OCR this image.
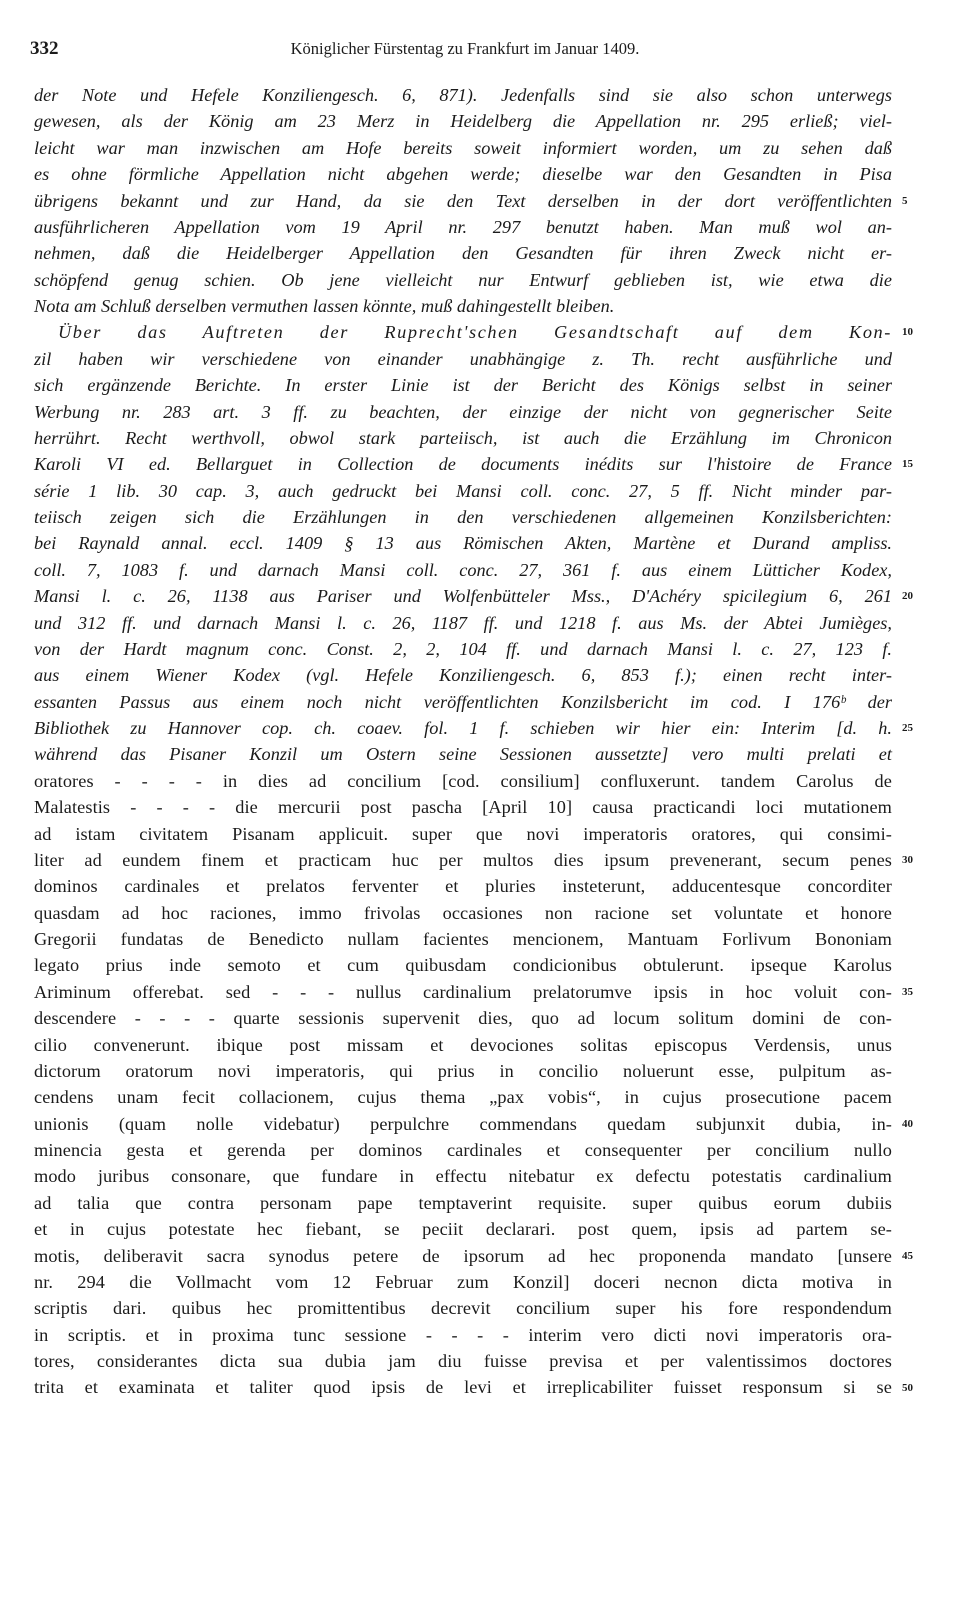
332	Königlicher Fürstentag zu Frankfurt im Januar 1409.
der Note und Hefele Konziliengesch. 6, 871). Jedenfalls sind sie also schon unterwegs
gewesen, als der König am 23 Merz in Heidelberg die Appellation nr. 295 erließ; viel-
leicht war man inzwischen am Hofe bereits soweit informiert worden, um zu sehen daß
es ohne förmliche Appellation nicht abgehen werde; dieselbe war den Gesandten in Pisa
übrigens bekannt und zur Hand, da sie den Text derselben in der dort veröffentlichten
ausführlicheren Appellation vom 19 April nr. 297 benutzt haben. Man muß wol an-
nehmen, daß die Heidelberger Appellation den Gesandten für ihren Zweck nicht er-
schöpfend genug schien. Ob jene vielleicht nur Entwurf geblieben ist, wie etwa die
Nota am Schluß derselben vermuthen lassen könnte, muß dahingestellt bleiben.
Über das Auftreten der Ruprecht'schen Gesandtschaft auf dem Kon-
zil haben wir verschiedene von einander unabhängige z. Th. recht ausführliche und
sich ergänzende Berichte. In erster Linie ist der Bericht des Königs selbst in seiner
Werbung nr. 283 art. 3 ff. zu beachten, der einzige der nicht von gegnerischer Seite
herrührt. Recht werthvoll, obwol stark parteiisch, ist auch die Erzählung im Chronicon
Karoli VI ed. Bellarguet in Collection de documents inédits sur l'histoire de France
série 1 lib. 30 cap. 3, auch gedruckt bei Mansi coll. conc. 27, 5 ff. Nicht minder par-
teiisch zeigen sich die Erzählungen in den verschiedenen allgemeinen Konzilsberichten:
bei Raynald annal. eccl. 1409 § 13 aus Römischen Akten, Martène et Durand ampliss.
coll. 7, 1083 f. und darnach Mansi coll. conc. 27, 361 f. aus einem Lütticher Kodex,
Mansi l. c. 26, 1138 aus Pariser und Wolfenbütteler Mss., D'Achéry spicilegium 6, 261
und 312 ff. und darnach Mansi l. c. 26, 1187 ff. und 1218 f. aus Ms. der Abtei Jumièges,
von der Hardt magnum conc. Const. 2, 2, 104 ff. und darnach Mansi l. c. 27, 123 f.
aus einem Wiener Kodex (vgl. Hefele Konziliengesch. 6, 853 f.); einen recht inter-
essanten Passus aus einem noch nicht veröffentlichten Konzilsbericht im cod. I 176ᵇ der
Bibliothek zu Hannover cop. ch. coaev. fol. 1 f. schieben wir hier ein: Interim [d. h.
während das Pisaner Konzil um Ostern seine Sessionen aussetzte] vero multi prelati et
oratores - - - - in dies ad concilium [cod. consilium] confluxerunt. tandem Carolus de
Malatestis - - - - die mercurii post pascha [April 10] causa practicandi loci mutationem
ad istam civitatem Pisanam applicuit. super que novi imperatoris oratores, qui consimi-
liter ad eundem finem et practicam huc per multos dies ipsum prevenerant, secum penes
dominos cardinales et prelatos ferventer et pluries insteterunt, adducentesque concorditer
quasdam ad hoc raciones, immo frivolas occasiones non racione set voluntate et honore
Gregorii fundatas de Benedicto nullam facientes mencionem, Mantuam Forlivum Bononiam
legato prius inde semoto et cum quibusdam condicionibus obtulerunt. ipseque Karolus
Ariminum offerebat. sed - - - nullus cardinalium prelatorumve ipsis in hoc voluit con-
descendere - - - - quarte sessionis supervenit dies, quo ad locum solitum domini de con-
cilio convenerunt. ibique post missam et devociones solitas episcopus Verdensis, unus
dictorum oratorum novi imperatoris, qui prius in concilio noluerunt esse, pulpitum as-
cendens unam fecit collacionem, cujus thema „pax vobis“, in cujus prosecutione pacem
unionis (quam nolle videbatur) perpulchre commendans quedam subjunxit dubia, in-
minencia gesta et gerenda per dominos cardinales et consequenter per concilium nullo
modo juribus consonare, que fundare in effectu nitebatur ex defectu potestatis cardinalium
ad talia que contra personam pape temptaverint requisite. super quibus eorum dubiis
et in cujus potestate hec fiebant, se peciit declarari. post quem, ipsis ad partem se-
motis, deliberavit sacra synodus petere de ipsorum ad hec proponenda mandato [unsere
nr. 294 die Vollmacht vom 12 Februar zum Konzil] doceri necnon dicta motiva in
scriptis dari. quibus hec promittentibus decrevit concilium super his fore respondendum
in scriptis. et in proxima tunc sessione - - - - interim vero dicti novi imperatoris ora-
tores, considerantes dicta sua dubia jam diu fuisse previsa et per valentissimos doctores
trita et examinata et taliter quod ipsis de levi et irreplicabiliter fuisset responsum si se
5
10
15
20
25
30
35
40
45
50
